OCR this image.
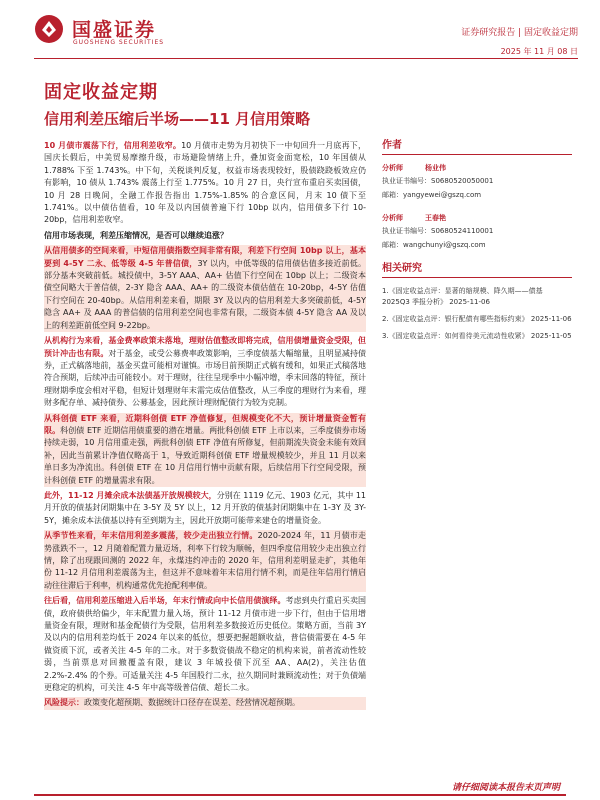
国盛证券
GUOSHENG SECURITIES
证券研究报告 | 固定收益定期
2025 年 11 月 08 日
固定收益定期
信用利差压缩后半场——11 月信用策略
10 月债市震荡下行，信用利差收窄。10 月债市走势为月初快下一中旬回升一月底再下，国庆长假后，中美贸易摩擦升级，市场避险情绪上升，叠加资金面宽松，10 年国债从 1.788% 下至 1.743%。中下旬，关税谈判反复，权益市场表现较好，股债跷跷板效应仍有影响，10 债从 1.743% 震荡上行至 1.775%。10 月 27 日，央行宣布重启买卖国债，10 月 28 日晚间，全融工作报告指出 1.75%-1.85% 的合意区间，月末 10 债下至 1.741%。以中债估值看，10 年及以内国债普遍下行 10bp 以内，信用债多下行 10-20bp，信用利差收窄。
信用市场表现，利差压缩情况，是否可以继续追涨？
从信用债多的空间来看，中短信用债指数空间非常有限，利差下行空间 10bp 以上，基本要到 4-5Y 二永、低等级 4-5 年普信债，3Y 以内，中低等级的信用债估值多接近前低。部分基本突破前低。城投债中，3-5Y AAA、AA+ 估值下行空间在 10bp 以上；二级资本债空间略大于普信债，2-3Y 隐含 AAA、AA+ 的二级资本债估值在 10-20bp，4-5Y 估值下行空间在 20-40bp。从信用利差来看，期限 3Y 及以内的信用利差大多突破前低，4-5Y 隐含 AA+ 及 AAA 的普信债的信用利差空间也非常有限，二级资本债 4-5Y 隐含 AA 及以上的利差距前低空间 9-22bp。
从机构行为来看，基金费率政策未落地，理财估值整改即将完成，信用债增量资金受限，但预计冲击也有限。对于基金，或受公募费率政策影响，三季度债基大幅缩量，且明显减持债券，正式稿落地前，基金买盘可能相对谨慎。市场目前预期正式稿有缓和，如果正式稿落地符合预期，后续冲击可能较小。对于理财，往往呈现季中小幅冲增，季末回落的特征，预计理财期季度会相对平稳，但短计划理财年末需完成估值整改，从三季度的理财行为来看，理财多配存单、减持债券、公募基金，因此预计理财配债行为较为克制。
从科创债 ETF 来看，近期科创债 ETF 净值修复，但规模变化不大，预计增量资金暂有限。科创债 ETF 近期信用债重要的潜在增量。两批科创债 ETF 上市以来，三季度债券市场持续走弱，10 月信用重走强，两批科创债 ETF 净值有所修复，但前期流失资金未能有效回补，因此当前累计净值仅略高于 1，导致近期科创债 ETF 增量规模较少，并且 11 月以来单日多为净流出。科创债 ETF 在 10 月信用行情中贡献有限，后续信用下行空间受限，预计科创债 ETF 的增量需求有限。
此外，11-12 月摊余成本法债基开放规模较大，分别在 1119 亿元、1903 亿元，其中 11 月开放的债基封闭期集中在 3-5Y 及 5Y 以上，12 月开放的债基封闭期集中在 1-3Y 及 3Y-5Y，摊余成本法债基以持有至到期为主，因此开放期可能带来建仓的增量资金。
从季节性来看，年末信用利差多震荡，较少走出独立行情。2020-2024 年，11 月债市走势涨跌不一，12 月随着配置力量迈场，利率下行较为顺畅，但四季度信用较少走出独立行情，除了出现跟回测的 2022 年，永煤违约冲击的 2020 年，信用利差明显走扩，其他年份 11-12 月信用利差震荡为主，但这并不意味着年末信用行情不利，而是往年信用行情启动往往滞后于利率，机构通常优先抢配利率债。
往后看，信用利差压缩进入后半场，年末行情或向中长信用债演绎。考虑到央行重启买卖国债，政府债供给偏少，年末配置力量入场，预计 11-12 月债市进一步下行，但由于信用增量资金有限，理财和基金配债行为受限，信用利差多数接近历史低位。策略方面，当前 3Y 及以内的信用利差均低于 2024 年以来的低位，想要把握超额收益，普信债需要在 4-5 年做资质下沉，或者关注 4-5 年的二永。对于多数资债战不稳定的机构来说，前者流动性较弱，当前票息对回撤覆盖有限，建议 3 年城投债下沉至 AA、AA(2)，关注估值 2.2%-2.4% 的个券。可适量关注 4-5 年国股行二永，拉久期同时兼顾流动性；对于负债端更稳定的机构，可关注 4-5 年中高等级普信债、超长二永。
风险提示：政策变化超预期、数据统计口径存在误差、经营情况超预期。
作者
分析师	杨业伟
执业证书编号：S0680520050001
邮箱：yangyewei@gszq.com
分析师	王春艳
执业证书编号：S0680524110001
邮箱：wangchunyi@gszq.com
相关研究
1.《固定收益点评：显著的缩规模、降久期——债基 2025Q3 季报分析》 2025-11-06
2.《固定收益点评：银行配债有哪些指标约束》 2025-11-06
3.《固定收益点评：如何看待美元流动性收紧》 2025-11-05
请仔细阅读本报告末页声明
